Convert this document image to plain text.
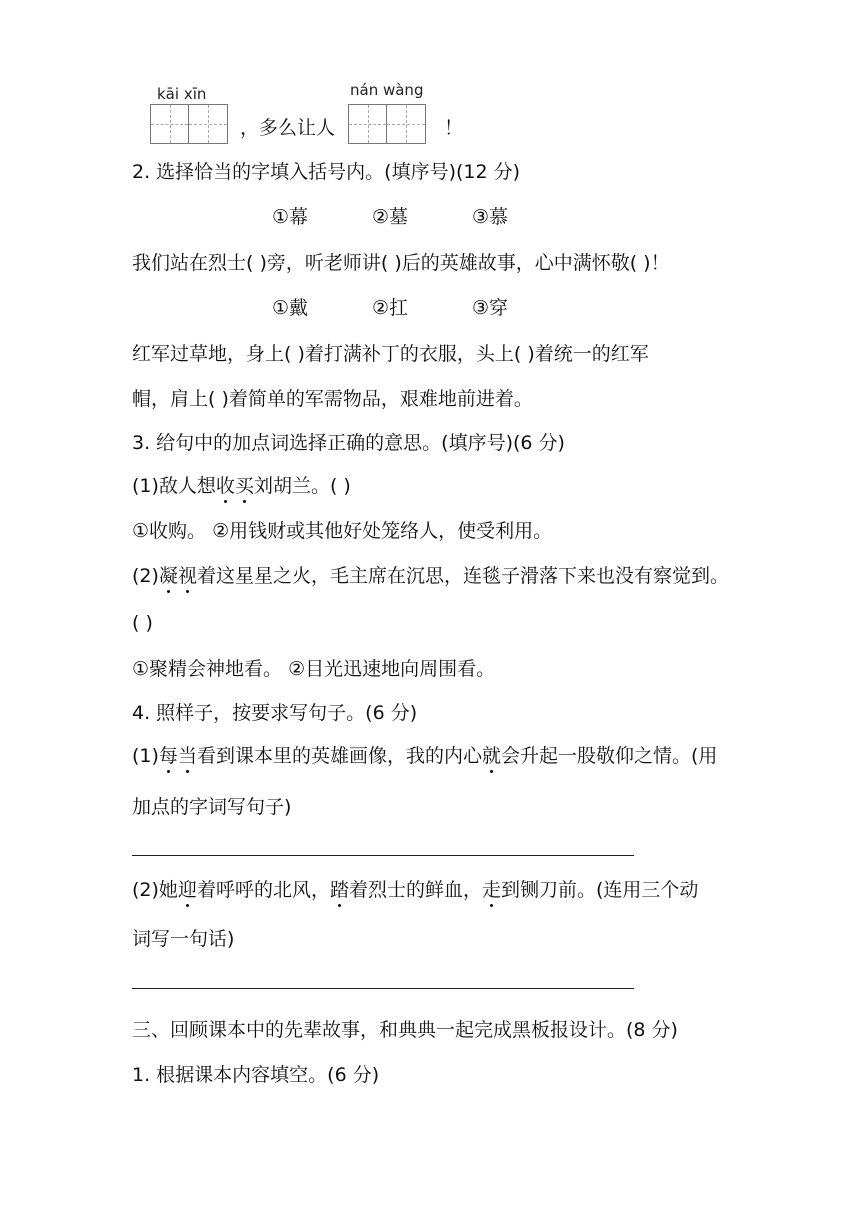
kāi xīn
，多么让人
nán wàng
！
2. 选择恰当的字填入括号内。(填序号)(12 分)
①幕	②墓	③慕
我们站在烈士( )旁，听老师讲( )后的英雄故事，心中满怀敬( )！
①戴	②扛	③穿
红军过草地，身上( )着打满补丁的衣服，头上( )着统一的红军
帽，肩上( )着简单的军需物品，艰难地前进着。
3. 给句中的加点词选择正确的意思。(填序号)(6 分)
(1)敌人想收买刘胡兰。( )
①收购。 ②用钱财或其他好处笼络人，使受利用。
(2)凝视着这星星之火，毛主席在沉思，连毯子滑落下来也没有察觉到。
( )
①聚精会神地看。 ②目光迅速地向周围看。
4. 照样子，按要求写句子。(6 分)
(1)每当看到课本里的英雄画像，我的内心就会升起一股敬仰之情。(用
加点的字词写句子)
(2)她迎着呼呼的北风，踏着烈士的鲜血，走到铡刀前。(连用三个动
词写一句话)
三、回顾课本中的先辈故事，和典典一起完成黑板报设计。(8 分)
1. 根据课本内容填空。(6 分)
